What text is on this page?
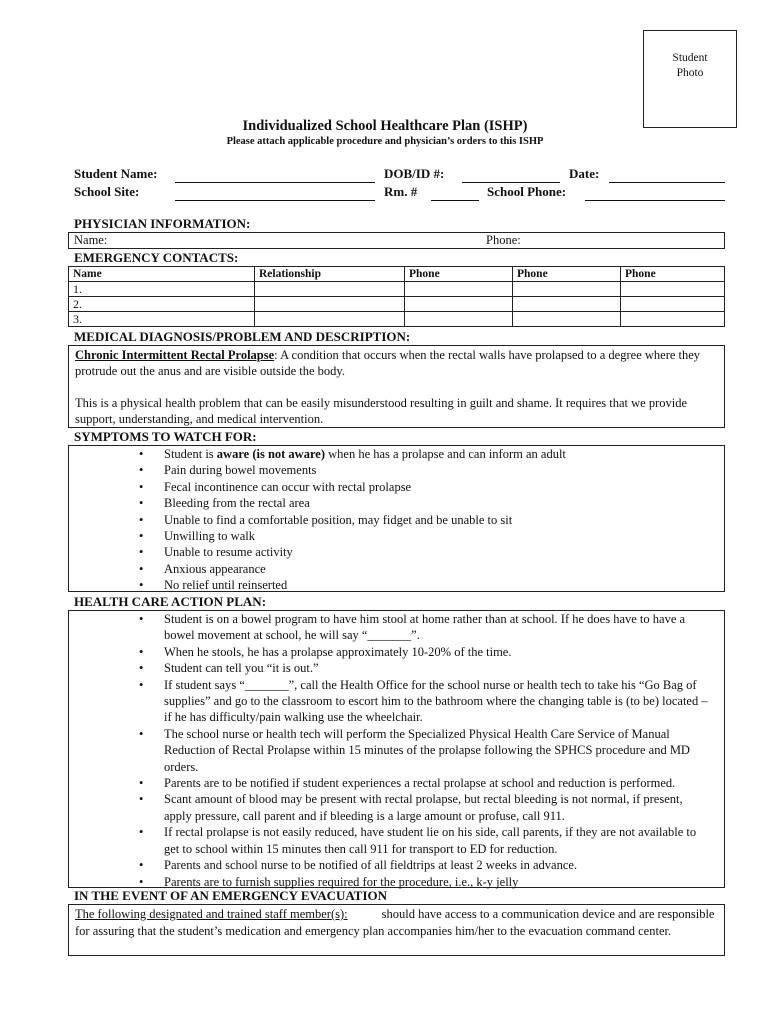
Student
Photo
Individualized School Healthcare Plan (ISHP)
Please attach applicable procedure and physician’s orders to this ISHP
Student Name:	DOB/ID #:	Date:
School Site:	Rm. #	School Phone:
PHYSICIAN INFORMATION:
Name:	Phone:
EMERGENCY CONTACTS:
Name	Relationship	Phone	Phone	Phone
1.				
2.				
3.				
MEDICAL DIAGNOSIS/PROBLEM AND DESCRIPTION:
Chronic Intermittent Rectal Prolapse: A condition that occurs when the rectal walls have prolapsed to a degree where they protrude out the anus and are visible outside the body.
This is a physical health problem that can be easily misunderstood resulting in guilt and shame. It requires that we provide support, understanding, and medical intervention.
SYMPTOMS TO WATCH FOR:
• Student is aware (is not aware) when he has a prolapse and can inform an adult
• Pain during bowel movements
• Fecal incontinence can occur with rectal prolapse
• Bleeding from the rectal area
• Unable to find a comfortable position, may fidget and be unable to sit
• Unwilling to walk
• Unable to resume activity
• Anxious appearance
• No relief until reinserted
HEALTH CARE ACTION PLAN:
• Student is on a bowel program to have him stool at home rather than at school. If he does have to have a bowel movement at school, he will say “_______”.
• When he stools, he has a prolapse approximately 10-20% of the time.
• Student can tell you “it is out.”
• If student says “_______”, call the Health Office for the school nurse or health tech to take his “Go Bag of supplies” and go to the classroom to escort him to the bathroom where the changing table is (to be) located – if he has difficulty/pain walking use the wheelchair.
• The school nurse or health tech will perform the Specialized Physical Health Care Service of Manual Reduction of Rectal Prolapse within 15 minutes of the prolapse following the SPHCS procedure and MD orders.
• Parents are to be notified if student experiences a rectal prolapse at school and reduction is performed.
• Scant amount of blood may be present with rectal prolapse, but rectal bleeding is not normal, if present, apply pressure, call parent and if bleeding is a large amount or profuse, call 911.
• If rectal prolapse is not easily reduced, have student lie on his side, call parents, if they are not available to get to school within 15 minutes then call 911 for transport to ED for reduction.
• Parents and school nurse to be notified of all fieldtrips at least 2 weeks in advance.
• Parents are to furnish supplies required for the procedure, i.e., k-y jelly
IN THE EVENT OF AN EMERGENCY EVACUATION
The following designated and trained staff member(s):	should have access to a communication device and are responsible for assuring that the student’s medication and emergency plan accompanies him/her to the evacuation command center.
